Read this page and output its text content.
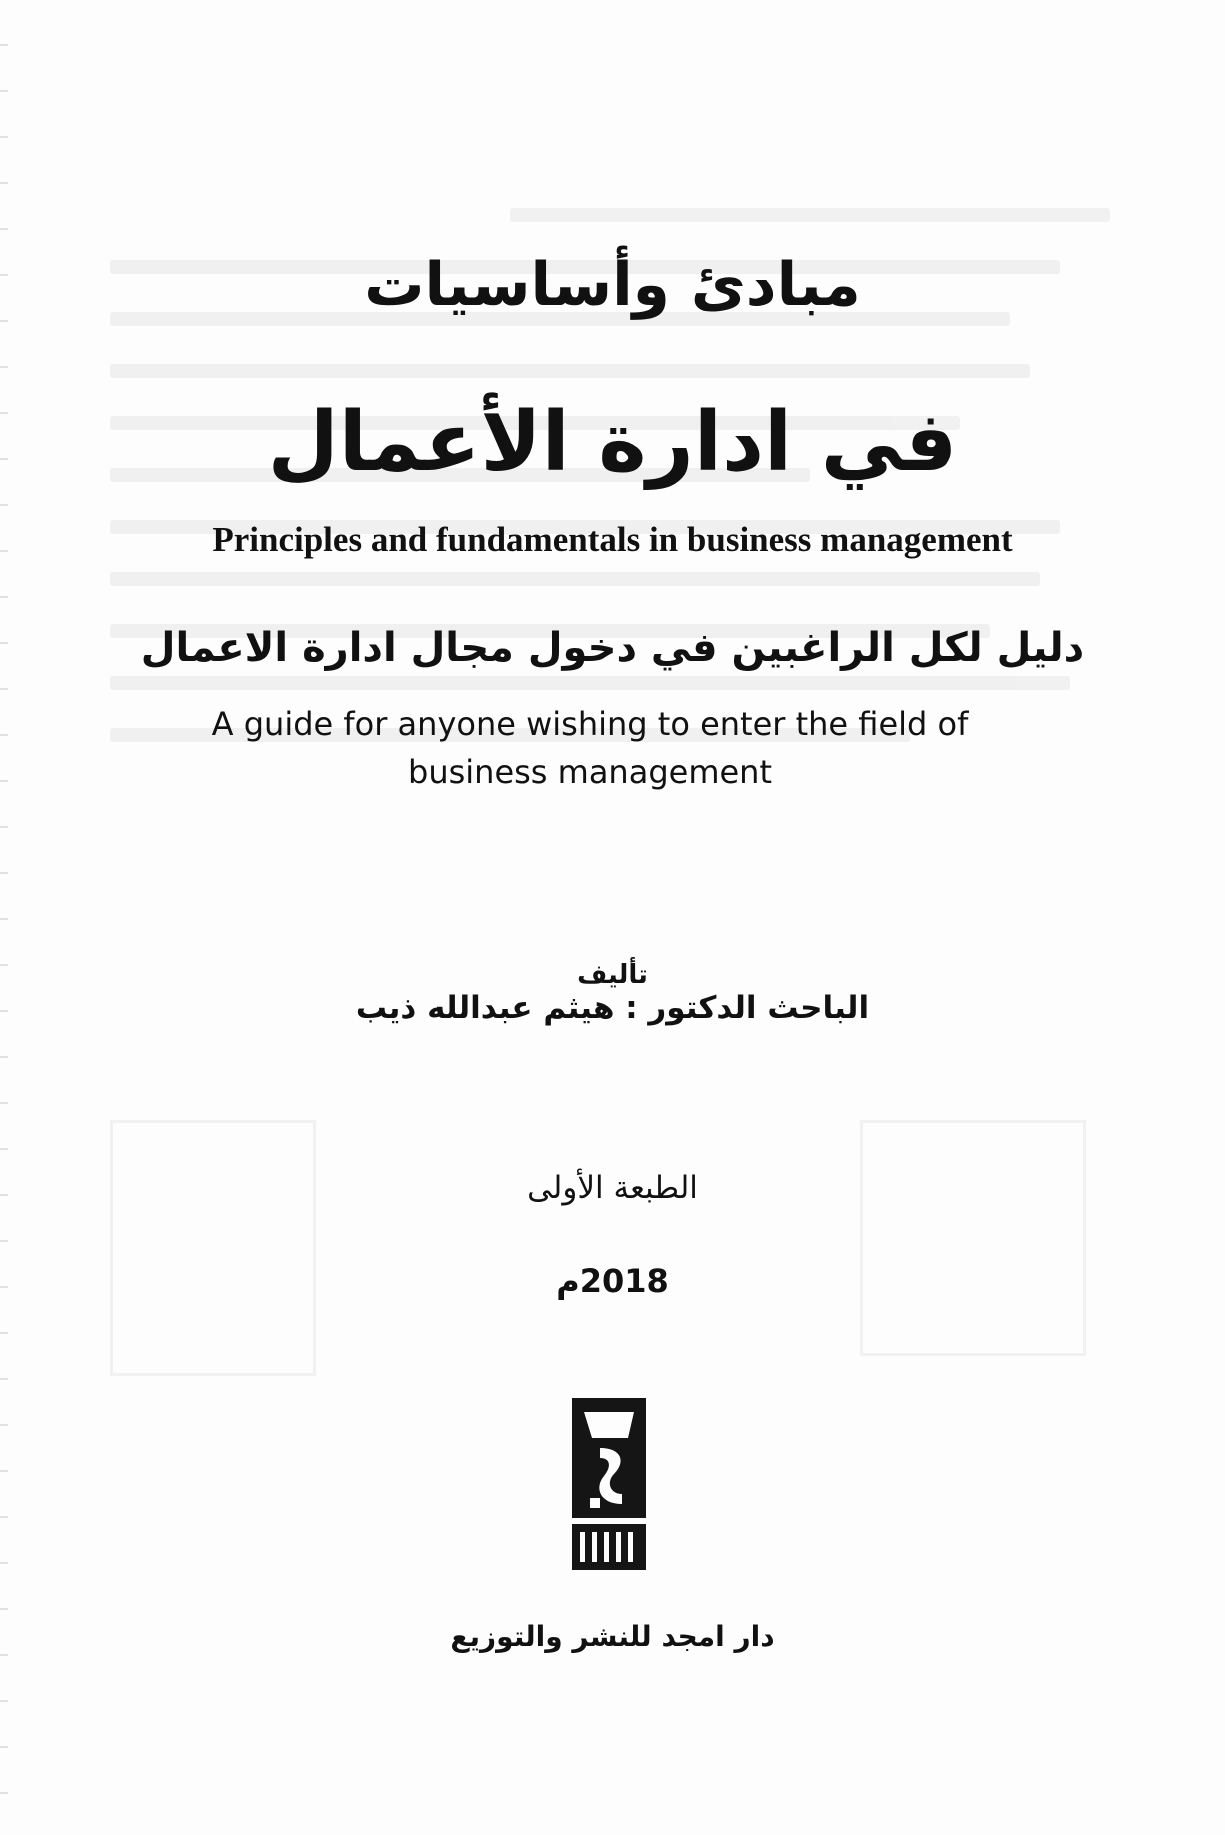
مبادئ وأساسيات
في ادارة الأعمال
Principles and fundamentals in business management
دليل لكل الراغبين في دخول مجال ادارة الاعمال
A guide for anyone wishing to enter the field of business management
تأليف
الباحث الدكتور : هيثم عبدالله ذيب
الطبعة الأولى
2018م
دار امجد للنشر والتوزيع
